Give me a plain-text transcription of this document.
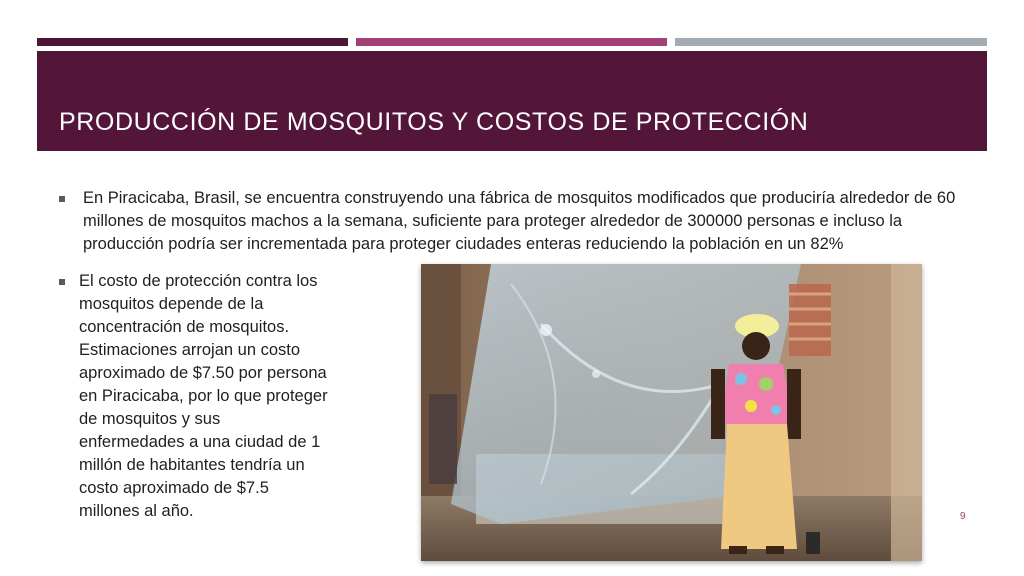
PRODUCCIÓN DE MOSQUITOS Y COSTOS DE PROTECCIÓN
En Piracicaba, Brasil, se encuentra construyendo una fábrica de mosquitos modificados que produciría alrededor de 60 millones de mosquitos machos a la semana, suficiente para proteger alrededor de 300000 personas e incluso la producción podría ser incrementada para proteger ciudades enteras reduciendo la población en un 82%
El costo de protección contra los mosquitos depende de la concentración de mosquitos. Estimaciones arrojan un costo aproximado de $7.50 por persona en Piracicaba, por lo que proteger de mosquitos y sus enfermedades a una ciudad de 1 millón de habitantes tendría un costo aproximado de $7.5 millones al año.	9
